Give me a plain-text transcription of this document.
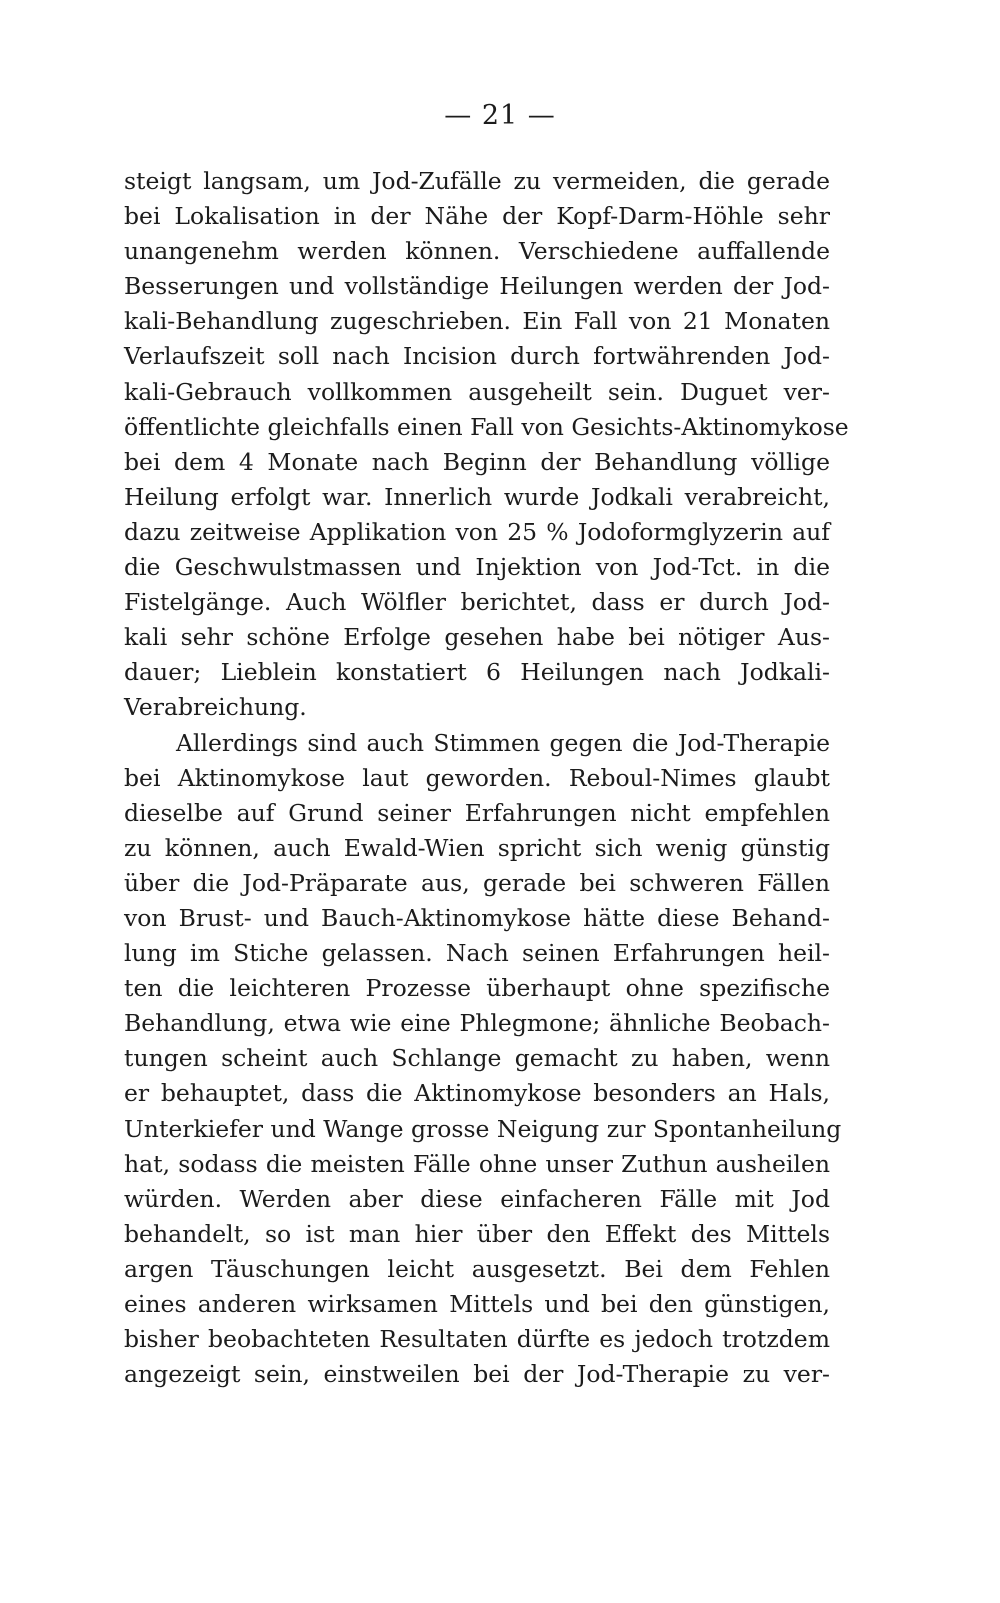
— 21 —
steigt langsam, um Jod-Zufälle zu vermeiden, die gerade
bei Lokalisation in der Nähe der Kopf-Darm-Höhle sehr
unangenehm werden können. Verschiedene auffallende
Besserungen und vollständige Heilungen werden der Jod-
kali-Behandlung zugeschrieben. Ein Fall von 21 Monaten
Verlaufszeit soll nach Incision durch fortwährenden Jod-
kali-Gebrauch vollkommen ausgeheilt sein. Duguet ver-
öffentlichte gleichfalls einen Fall von Gesichts-Aktinomykose
bei dem 4 Monate nach Beginn der Behandlung völlige
Heilung erfolgt war. Innerlich wurde Jodkali verabreicht,
dazu zeitweise Applikation von 25 % Jodoformglyzerin auf
die Geschwulstmassen und Injektion von Jod-Tct. in die
Fistelgänge. Auch Wölfler berichtet, dass er durch Jod-
kali sehr schöne Erfolge gesehen habe bei nötiger Aus-
dauer; Lieblein konstatiert 6 Heilungen nach Jodkali-
Verabreichung.
Allerdings sind auch Stimmen gegen die Jod-Therapie
bei Aktinomykose laut geworden. Reboul-Nimes glaubt
dieselbe auf Grund seiner Erfahrungen nicht empfehlen
zu können, auch Ewald-Wien spricht sich wenig günstig
über die Jod-Präparate aus, gerade bei schweren Fällen
von Brust- und Bauch-Aktinomykose hätte diese Behand-
lung im Stiche gelassen. Nach seinen Erfahrungen heil-
ten die leichteren Prozesse überhaupt ohne spezifische
Behandlung, etwa wie eine Phlegmone; ähnliche Beobach-
tungen scheint auch Schlange gemacht zu haben, wenn
er behauptet, dass die Aktinomykose besonders an Hals,
Unterkiefer und Wange grosse Neigung zur Spontanheilung
hat, sodass die meisten Fälle ohne unser Zuthun ausheilen
würden. Werden aber diese einfacheren Fälle mit Jod
behandelt, so ist man hier über den Effekt des Mittels
argen Täuschungen leicht ausgesetzt. Bei dem Fehlen
eines anderen wirksamen Mittels und bei den günstigen,
bisher beobachteten Resultaten dürfte es jedoch trotzdem
angezeigt sein, einstweilen bei der Jod-Therapie zu ver-
